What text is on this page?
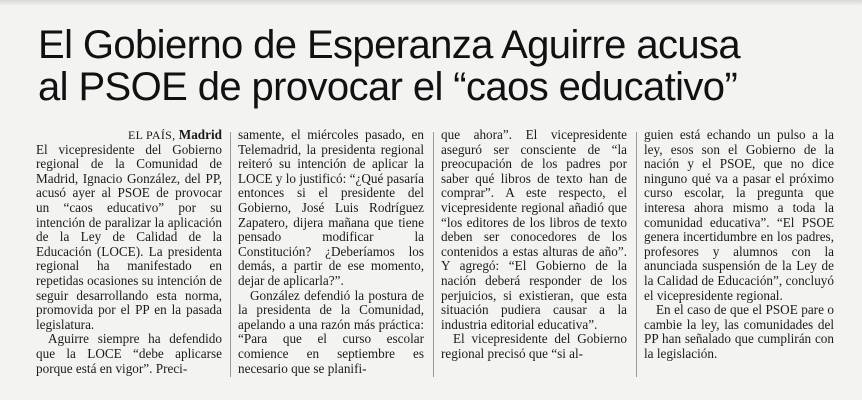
El Gobierno de Esperanza Aguirre acusa
al PSOE de provocar el “caos educativo”
EL PAÍS, Madrid

El vicepresidente del Gobierno regional de la Comunidad de Madrid, Ignacio González, del PP, acusó ayer al PSOE de provocar un “caos educativo” por su intención de paralizar la aplicación de la Ley de Calidad de la Educación (LOCE). La presidenta regional ha manifestado en repetidas ocasiones su intención de seguir desarrollando esta norma, promovida por el PP en la pasada legislatura.

Aguirre siempre ha defendido que la LOCE “debe aplicarse porque está en vigor”. Preci-

samente, el miércoles pasado, en Telemadrid, la presidenta regional reiteró su intención de aplicar la LOCE y lo justificó: “¿Qué pasaría entonces si el presidente del Gobierno, José Luis Rodríguez Zapatero, dijera mañana que tiene pensado modificar la Constitución? ¿Deberíamos los demás, a partir de ese momento, dejar de aplicarla?”.

González defendió la postura de la presidenta de la Comunidad, apelando a una razón más práctica: “Para que el curso escolar comience en septiembre es necesario que se planifi-

que ahora”. El vicepresidente aseguró ser consciente de “la preocupación de los padres por saber qué libros de texto han de comprar”. A este respecto, el vicepresidente regional añadió que “los editores de los libros de texto deben ser conocedores de los contenidos a estas alturas de año”. Y agregó: “El Gobierno de la nación deberá responder de los perjuicios, si existieran, que esta situación pudiera causar a la industria editorial educativa”.

El vicepresidente del Gobierno regional precisó que “si al-

guien está echando un pulso a la ley, esos son el Gobierno de la nación y el PSOE, que no dice ninguno qué va a pasar el próximo curso escolar, la pregunta que interesa ahora mismo a toda la comunidad educativa”. “El PSOE genera incertidumbre en los padres, profesores y alumnos con la anunciada suspensión de la Ley de la Calidad de Educación”, concluyó el vicepresidente regional.

En el caso de que el PSOE pare o cambie la ley, las comunidades del PP han señalado que cumplirán con la legislación.
